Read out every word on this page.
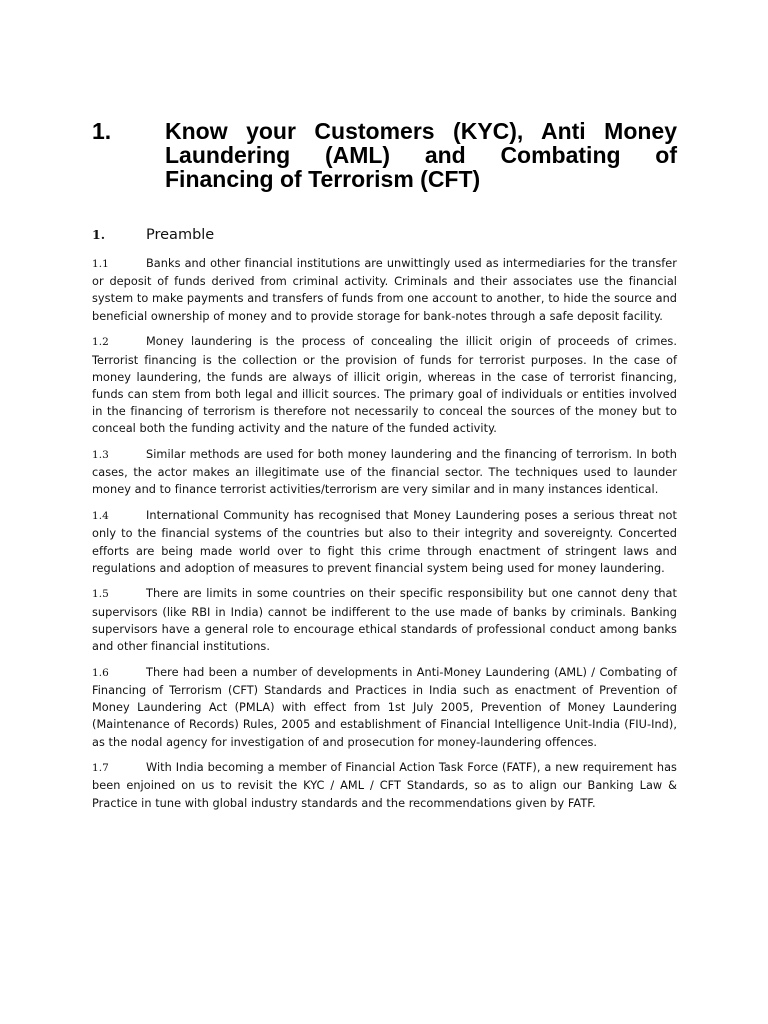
1. Know your Customers (KYC), Anti Money Laundering (AML) and Combating of Financing of Terrorism (CFT)
1.	Preamble

1.1	Banks and other financial institutions are unwittingly used as intermediaries for the transfer or deposit of funds derived from criminal activity. Criminals and their associates use the financial system to make payments and transfers of funds from one account to another, to hide the source and beneficial ownership of money and to provide storage for bank-notes through a safe deposit facility.

1.2	Money laundering is the process of concealing the illicit origin of proceeds of crimes. Terrorist financing is the collection or the provision of funds for terrorist purposes. In the case of money laundering, the funds are always of illicit origin, whereas in the case of terrorist financing, funds can stem from both legal and illicit sources. The primary goal of individuals or entities involved in the financing of terrorism is therefore not necessarily to conceal the sources of the money but to conceal both the funding activity and the nature of the funded activity.

1.3	Similar methods are used for both money laundering and the financing of terrorism. In both cases, the actor makes an illegitimate use of the financial sector. The techniques used to launder money and to finance terrorist activities/terrorism are very similar and in many instances identical.

1.4	International Community has recognised that Money Laundering poses a serious threat not only to the financial systems of the countries but also to their integrity and sovereignty. Concerted efforts are being made world over to fight this crime through enactment of stringent laws and regulations and adoption of measures to prevent financial system being used for money laundering.

1.5	There are limits in some countries on their specific responsibility but one cannot deny that supervisors (like RBI in India) cannot be indifferent to the use made of banks by criminals. Banking supervisors have a general role to encourage ethical standards of professional conduct among banks and other financial institutions.

1.6	There had been a number of developments in Anti-Money Laundering (AML) / Combating of Financing of Terrorism (CFT) Standards and Practices in India such as enactment of Prevention of Money Laundering Act (PMLA) with effect from 1st July 2005, Prevention of Money Laundering (Maintenance of Records) Rules, 2005 and establishment of Financial Intelligence Unit-India (FIU-Ind), as the nodal agency for investigation of and prosecution for money-laundering offences.

1.7	With India becoming a member of Financial Action Task Force (FATF), a new requirement has been enjoined on us to revisit the KYC / AML / CFT Standards, so as to align our Banking Law & Practice in tune with global industry standards and the recommendations given by FATF.
